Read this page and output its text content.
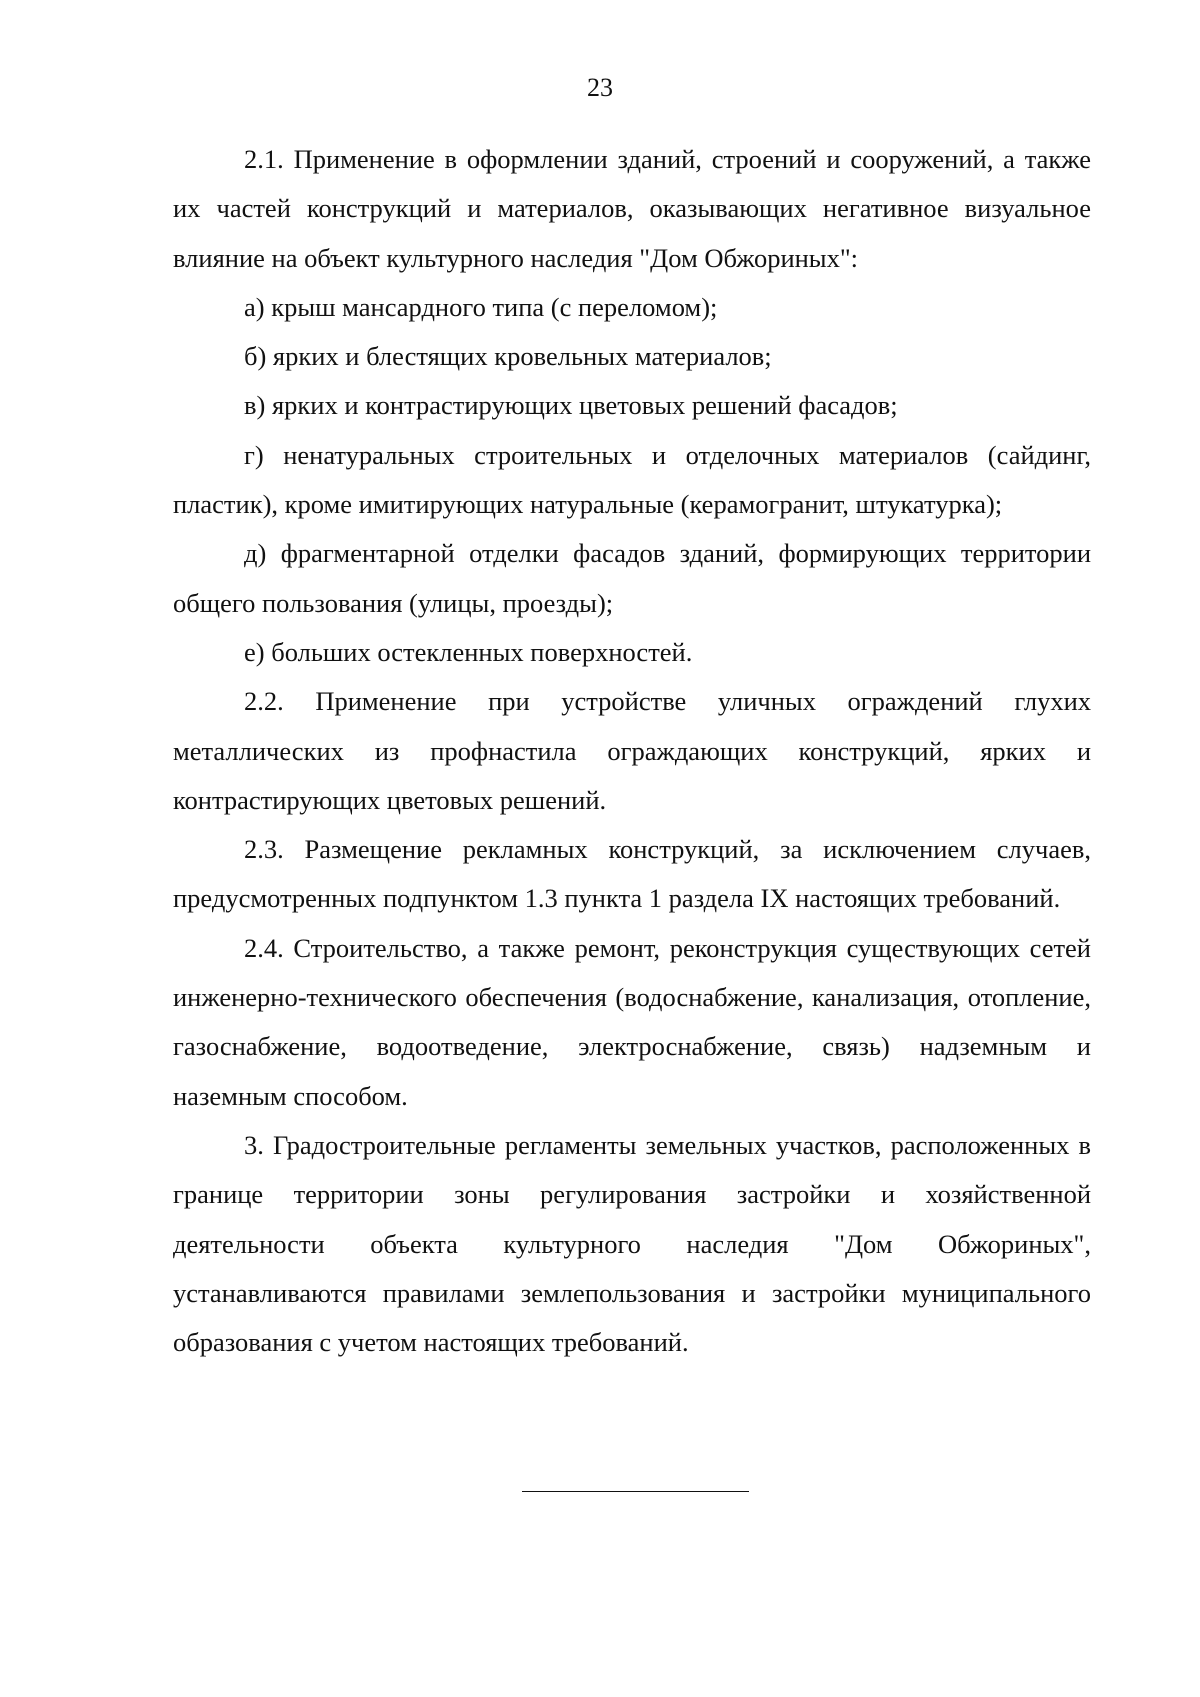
23

2.1. Применение в оформлении зданий, строений и сооружений, а также их частей конструкций и материалов, оказывающих негативное визуальное влияние на объект культурного наследия "Дом Обжориных":

а) крыш мансардного типа (с переломом);

б) ярких и блестящих кровельных материалов;

в) ярких и контрастирующих цветовых решений фасадов;

г) ненатуральных строительных и отделочных материалов (сайдинг, пластик), кроме имитирующих натуральные (керамогранит, штукатурка);

д) фрагментарной отделки фасадов зданий, формирующих территории общего пользования (улицы, проезды);

е) больших остекленных поверхностей.

2.2. Применение при устройстве уличных ограждений глухих металлических из профнастила ограждающих конструкций, ярких и контрастирующих цветовых решений.

2.3. Размещение рекламных конструкций, за исключением случаев, предусмотренных подпунктом 1.3 пункта 1 раздела IX настоящих требований.

2.4. Строительство, а также ремонт, реконструкция существующих сетей инженерно-технического обеспечения (водоснабжение, канализация, отопление, газоснабжение, водоотведение, электроснабжение, связь) надземным и наземным способом.

3. Градостроительные регламенты земельных участков, расположенных в границе территории зоны регулирования застройки и хозяйственной деятельности объекта культурного наследия "Дом Обжориных", устанавливаются правилами землепользования и застройки муниципального образования с учетом настоящих требований.
